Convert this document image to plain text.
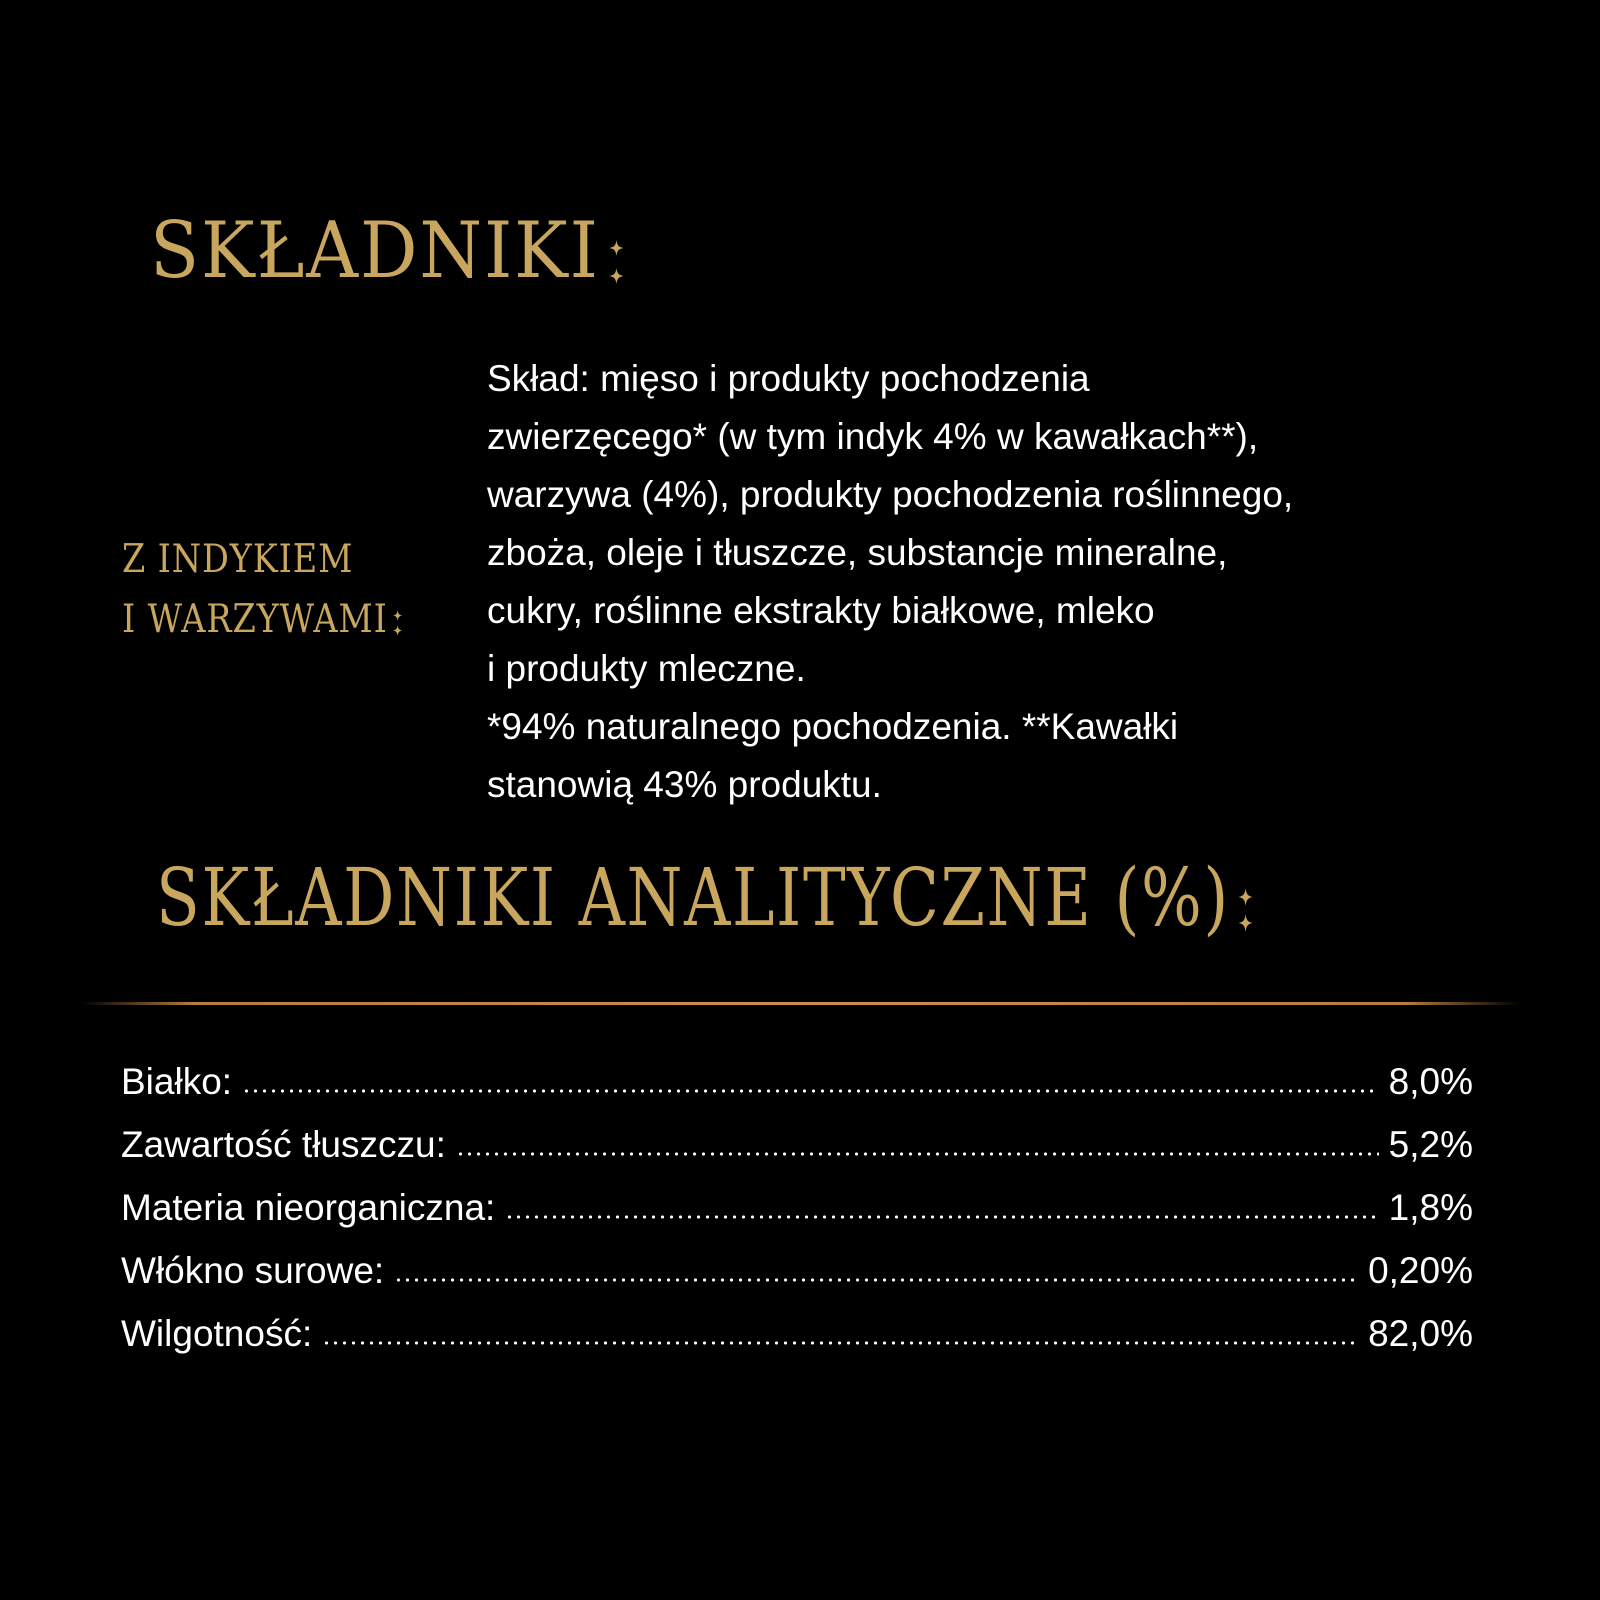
SKŁADNIKI
Z INDYKIEM
I WARZYWAMI
Skład: mięso i produkty pochodzenia
zwierzęcego* (w tym indyk 4% w kawałkach**),
warzywa (4%), produkty pochodzenia roślinnego,
zboża, oleje i tłuszcze, substancje mineralne,
cukry, roślinne ekstrakty białkowe, mleko
i produkty mleczne.
*94% naturalnego pochodzenia. **Kawałki
stanowią 43% produktu.
SKŁADNIKI ANALITYCZNE (%)
Białko:	8,0%
Zawartość tłuszczu:	5,2%
Materia nieorganiczna:	1,8%
Włókno surowe:	0,20%
Wilgotność:	82,0%
